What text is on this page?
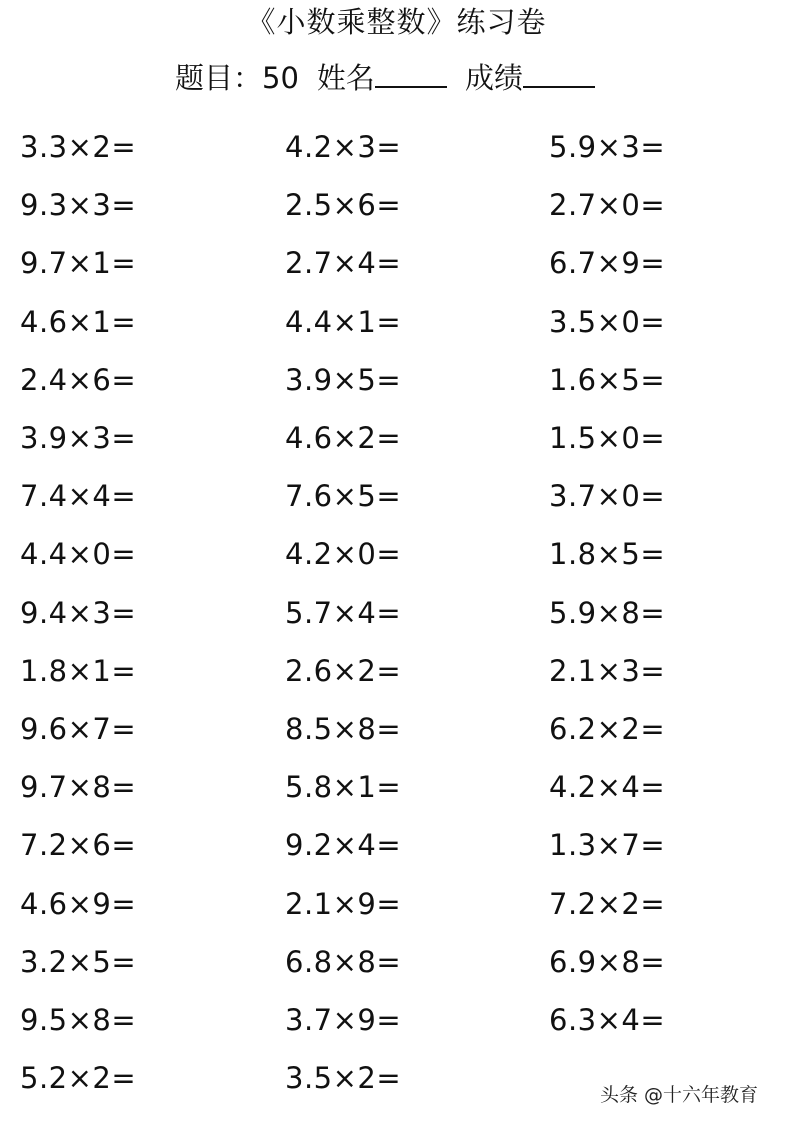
《小数乘整数》练习卷
题目：50 姓名	成绩
3.3×2=
9.3×3=
9.7×1=
4.6×1=
2.4×6=
3.9×3=
7.4×4=
4.4×0=
9.4×3=
1.8×1=
9.6×7=
9.7×8=
7.2×6=
4.6×9=
3.2×5=
9.5×8=
5.2×2=
4.2×3=
2.5×6=
2.7×4=
4.4×1=
3.9×5=
4.6×2=
7.6×5=
4.2×0=
5.7×4=
2.6×2=
8.5×8=
5.8×1=
9.2×4=
2.1×9=
6.8×8=
3.7×9=
3.5×2=
5.9×3=
2.7×0=
6.7×9=
3.5×0=
1.6×5=
1.5×0=
3.7×0=
1.8×5=
5.9×8=
2.1×3=
6.2×2=
4.2×4=
1.3×7=
7.2×2=
6.9×8=
6.3×4=
头条 @十六年教育
